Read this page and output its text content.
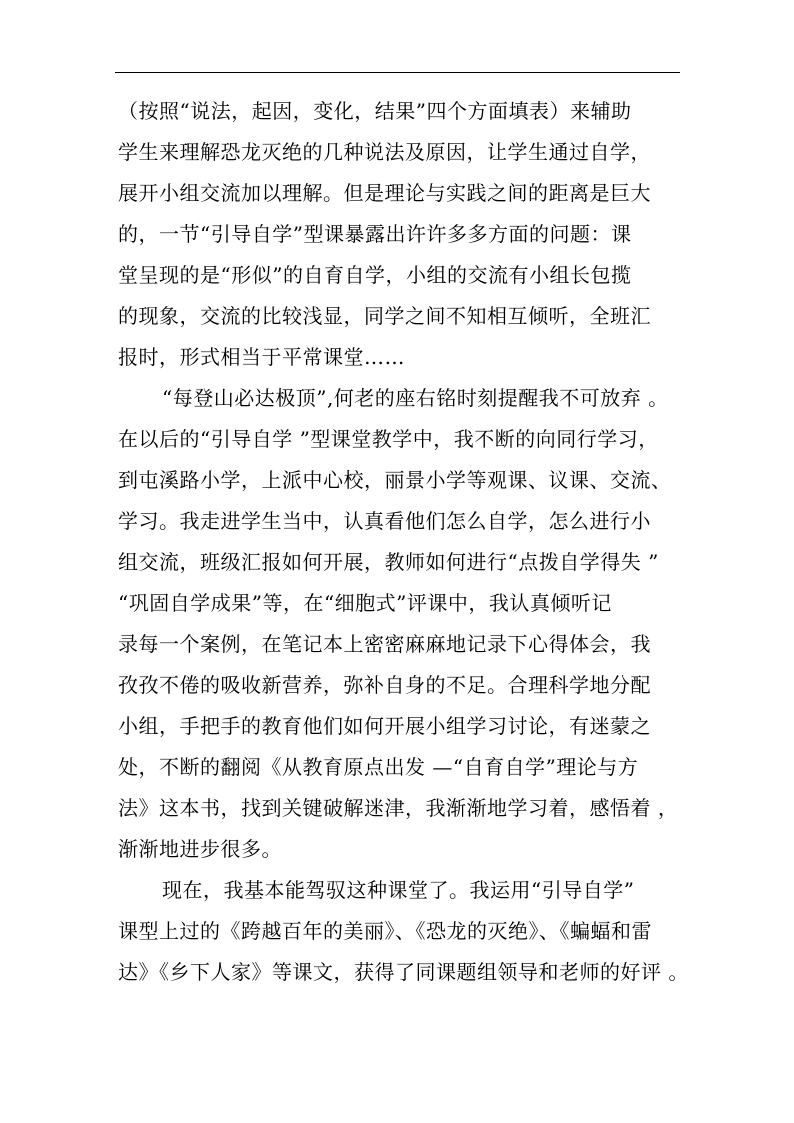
（按照“说法，起因，变化，结果”四个方面填表）来辅助
学生来理解恐龙灭绝的几种说法及原因，让学生通过自学，
展开小组交流加以理解。但是理论与实践之间的距离是巨大
的，一节“引导自学”型课暴露出许许多多方面的问题：课
堂呈现的是“形似”的自育自学，小组的交流有小组长包揽
的现象，交流的比较浅显，同学之间不知相互倾听，全班汇
报时，形式相当于平常课堂……
“每登山必达极顶”,何老的座右铭时刻提醒我不可放弃 。
在以后的“引导自学 ”型课堂教学中，我不断的向同行学习，
到屯溪路小学，上派中心校，丽景小学等观课、议课、交流、
学习。我走进学生当中，认真看他们怎么自学，怎么进行小
组交流，班级汇报如何开展，教师如何进行“点拨自学得失 ”
“巩固自学成果”等，在“细胞式”评课中，我认真倾听记
录每一个案例，在笔记本上密密麻麻地记录下心得体会，我
孜孜不倦的吸收新营养，弥补自身的不足。合理科学地分配
小组，手把手的教育他们如何开展小组学习讨论，有迷蒙之
处，不断的翻阅《从教育原点出发 —“自育自学”理论与方
法》这本书，找到关键破解迷津，我渐渐地学习着，感悟着 ，
渐渐地进步很多。
现在，我基本能驾驭这种课堂了。我运用“引导自学”
课型上过的《跨越百年的美丽》、《恐龙的灭绝》、《蝙蝠和雷
达》《乡下人家》等课文，获得了同课题组领导和老师的好评 。
